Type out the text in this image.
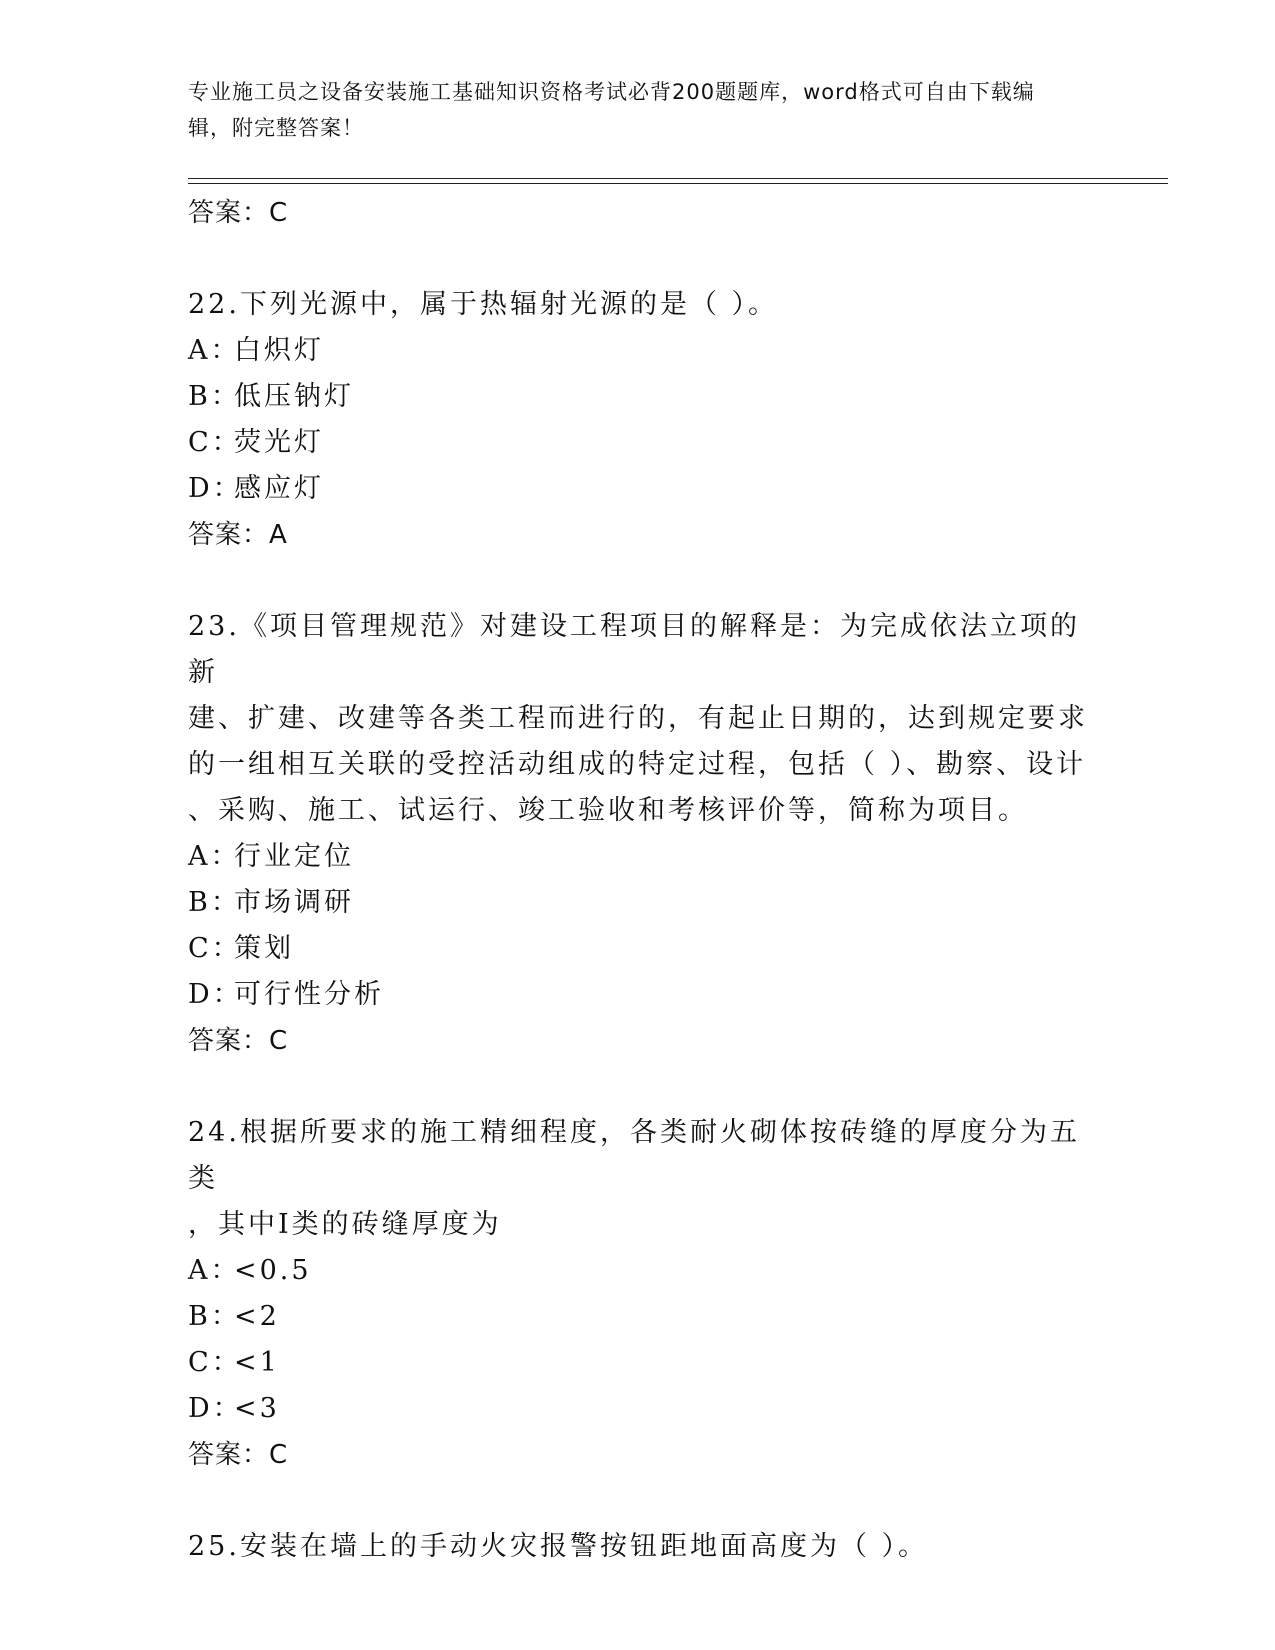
专业施工员之设备安装施工基础知识资格考试必背200题题库，word格式可自由下载编辑，附完整答案！
答案：C
22.下列光源中，属于热辐射光源的是（ ）。
A：白炽灯
B：低压钠灯
C：荧光灯
D：感应灯
答案：A
23.《项目管理规范》对建设工程项目的解释是：为完成依法立项的新
建、扩建、改建等各类工程而进行的，有起止日期的，达到规定要求
的一组相互关联的受控活动组成的特定过程，包括（ ）、勘察、设计
、采购、施工、试运行、竣工验收和考核评价等，简称为项目。
A：行业定位
B：市场调研
C：策划
D：可行性分析
答案：C
24.根据所要求的施工精细程度，各类耐火砌体按砖缝的厚度分为五类
，其中Ⅰ类的砖缝厚度为
A：<0.5
B：<2
C：<1
D：<3
答案：C
25.安装在墙上的手动火灾报警按钮距地面高度为（ ）。
